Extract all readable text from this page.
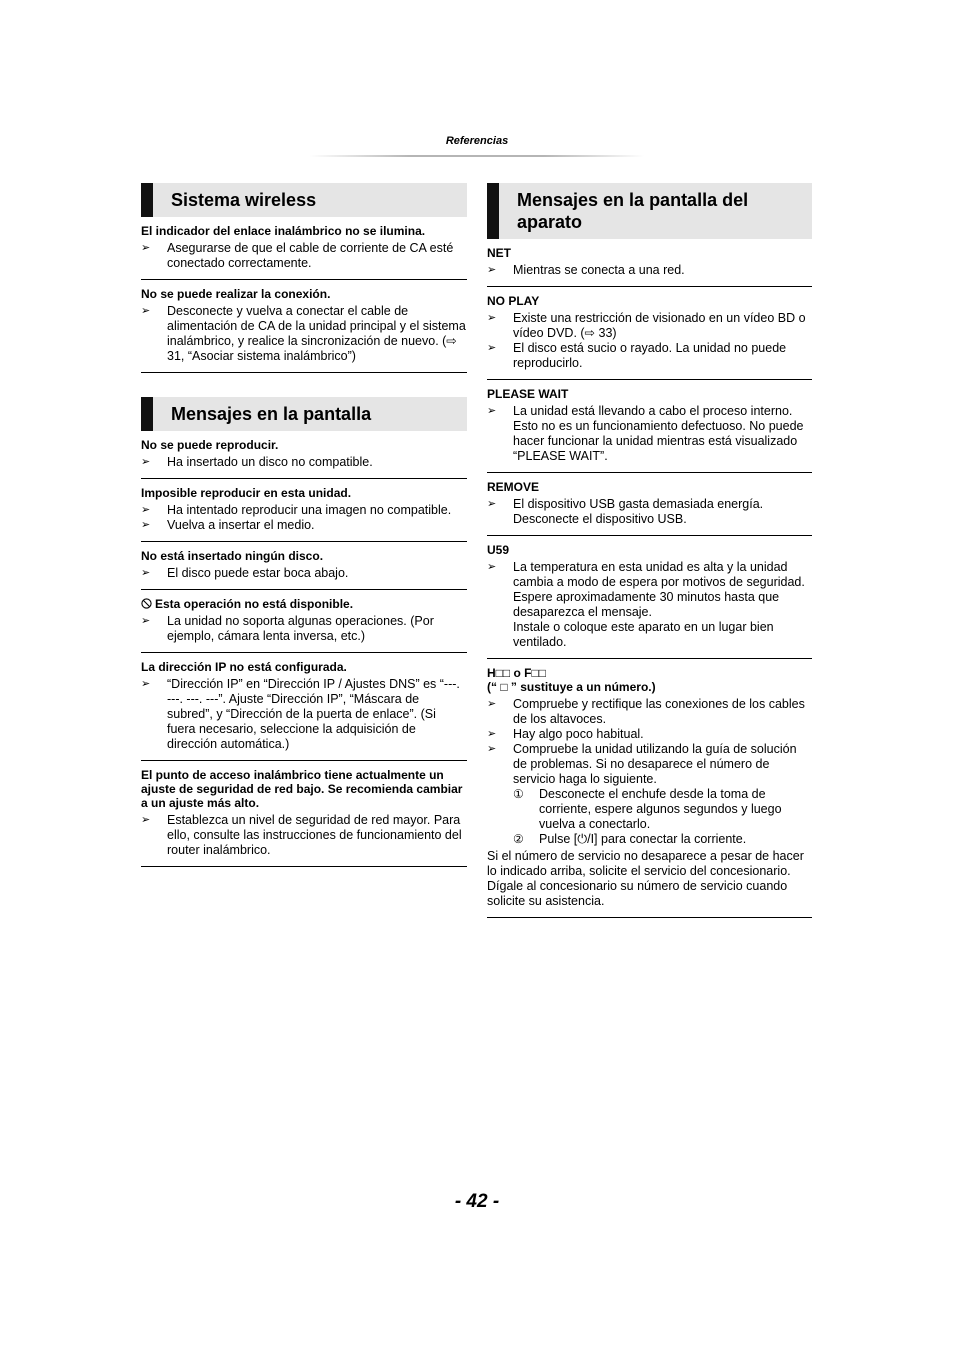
Referencias
Sistema wireless
El indicador del enlace inalámbrico no se ilumina.
➢ Asegurarse de que el cable de corriente de CA esté conectado correctamente.
No se puede realizar la conexión.
➢ Desconecte y vuelva a conectar el cable de alimentación de CA de la unidad principal y el sistema inalámbrico, y realice la sincronización de nuevo. (⇨ 31, “Asociar sistema inalámbrico”)
Mensajes en la pantalla
No se puede reproducir.
➢ Ha insertado un disco no compatible.
Imposible reproducir en esta unidad.
➢ Ha intentado reproducir una imagen no compatible.
➢ Vuelva a insertar el medio.
No está insertado ningún disco.
➢ El disco puede estar boca abajo.
Esta operación no está disponible.
➢ La unidad no soporta algunas operaciones. (Por ejemplo, cámara lenta inversa, etc.)
La dirección IP no está configurada.
➢ “Dirección IP” en “Dirección IP / Ajustes DNS” es “---. ---. ---. ---”. Ajuste “Dirección IP”, “Máscara de subred”, y “Dirección de la puerta de enlace”. (Si fuera necesario, seleccione la adquisición de dirección automática.)
El punto de acceso inalámbrico tiene actualmente un ajuste de seguridad de red bajo. Se recomienda cambiar a un ajuste más alto.
➢ Establezca un nivel de seguridad de red mayor. Para ello, consulte las instrucciones de funcionamiento del router inalámbrico.
Mensajes en la pantalla del aparato
NET
➢ Mientras se conecta a una red.
NO PLAY
➢ Existe una restricción de visionado en un vídeo BD o vídeo DVD. (⇨ 33)
➢ El disco está sucio o rayado. La unidad no puede reproducirlo.
PLEASE WAIT
➢ La unidad está llevando a cabo el proceso interno. Esto no es un funcionamiento defectuoso. No puede hacer funcionar la unidad mientras está visualizado “PLEASE WAIT”.
REMOVE
➢ El dispositivo USB gasta demasiada energía. Desconecte el dispositivo USB.
U59
➢ La temperatura en esta unidad es alta y la unidad cambia a modo de espera por motivos de seguridad. Espere aproximadamente 30 minutos hasta que desaparezca el mensaje.
Instale o coloque este aparato en un lugar bien ventilado.
H□□ o F□□
(“ □ ” sustituye a un número.)
➢ Compruebe y rectifique las conexiones de los cables de los altavoces.
➢ Hay algo poco habitual.
➢ Compruebe la unidad utilizando la guía de solución de problemas. Si no desaparece el número de servicio haga lo siguiente.
① Desconecte el enchufe desde la toma de corriente, espere algunos segundos y luego vuelva a conectarlo.
② Pulse [⏻/I] para conectar la corriente.
Si el número de servicio no desaparece a pesar de hacer lo indicado arriba, solicite el servicio del concesionario. Dígale al concesionario su número de servicio cuando solicite su asistencia.
- 42 -
